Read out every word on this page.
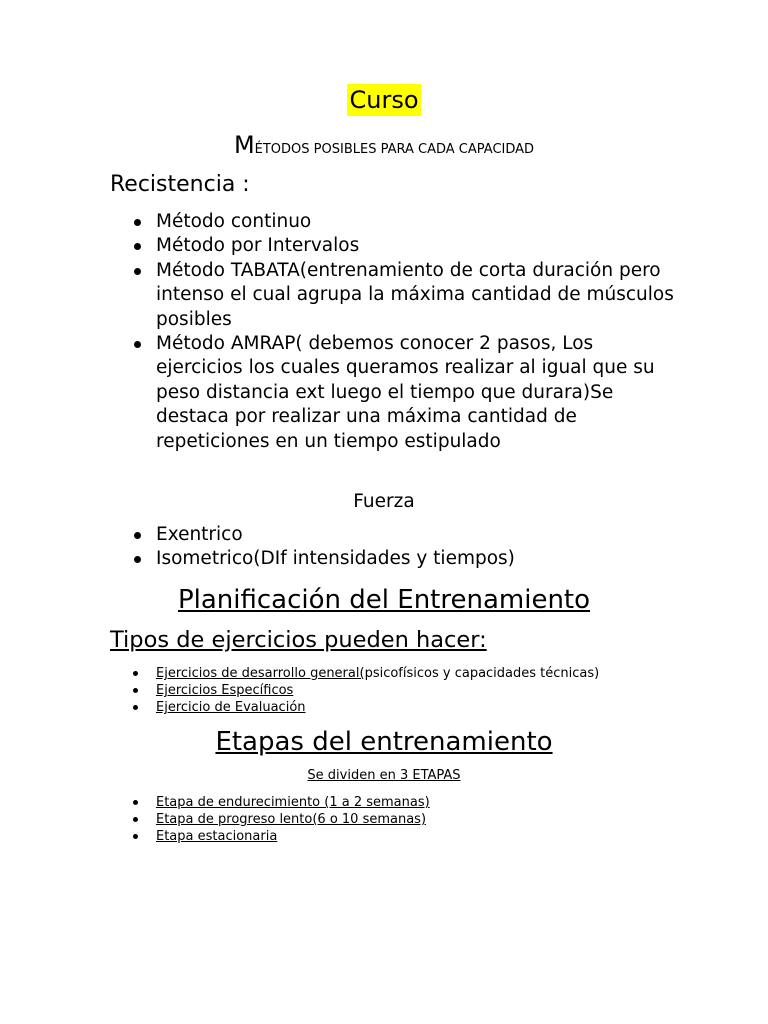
Curso
MÉTODOS POSIBLES PARA CADA CAPACIDAD
Recistencia :
Método continuo
Método por Intervalos
Método TABATA(entrenamiento de corta duración pero intenso el cual agrupa la máxima cantidad de músculos posibles
Método AMRAP( debemos conocer 2 pasos, Los ejercicios los cuales queramos realizar al igual que su peso distancia ext luego el tiempo que durara)Se destaca por realizar una máxima cantidad de repeticiones en un tiempo estipulado
Fuerza
Exentrico
Isometrico(DIf intensidades y tiempos)
Planificación del Entrenamiento
Tipos de ejercicios pueden hacer:
Ejercicios de desarrollo general(psicofísicos y capacidades técnicas)
Ejercicios Específicos
Ejercicio de Evaluación
Etapas del entrenamiento
Se dividen en 3 ETAPAS
Etapa de endurecimiento (1 a 2 semanas)
Etapa de progreso lento(6 o 10 semanas)
Etapa estacionaria
